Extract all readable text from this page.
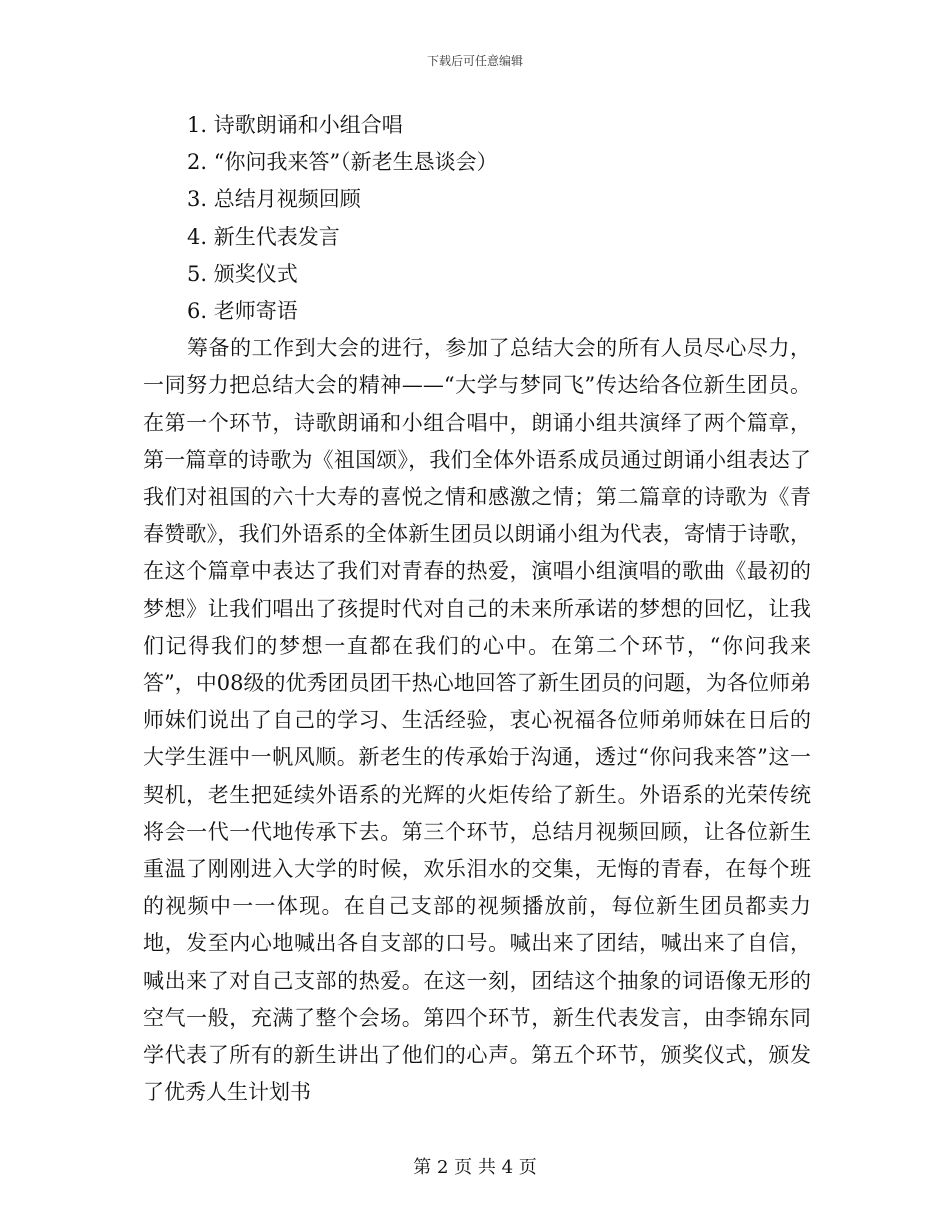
下载后可任意编辑
1. 诗歌朗诵和小组合唱
2. “你问我来答”（新老生恳谈会）
3. 总结月视频回顾
4. 新生代表发言
5. 颁奖仪式
6. 老师寄语

筹备的工作到大会的进行，参加了总结大会的所有人员尽心尽力，一同努力把总结大会的精神——“大学与梦同飞”传达给各位新生团员。在第一个环节，诗歌朗诵和小组合唱中，朗诵小组共演绎了两个篇章，第一篇章的诗歌为《祖国颂》，我们全体外语系成员通过朗诵小组表达了我们对祖国的六十大寿的喜悦之情和感激之情；第二篇章的诗歌为《青春赞歌》，我们外语系的全体新生团员以朗诵小组为代表，寄情于诗歌，在这个篇章中表达了我们对青春的热爱，演唱小组演唱的歌曲《最初的梦想》让我们唱出了孩提时代对自己的未来所承诺的梦想的回忆，让我们记得我们的梦想一直都在我们的心中。在第二个环节，“你问我来答”，中08级的优秀团员团干热心地回答了新生团员的问题，为各位师弟师妹们说出了自己的学习、生活经验，衷心祝福各位师弟师妹在日后的大学生涯中一帆风顺。新老生的传承始于沟通，透过“你问我来答”这一契机，老生把延续外语系的光辉的火炬传给了新生。外语系的光荣传统将会一代一代地传承下去。第三个环节，总结月视频回顾，让各位新生重温了刚刚进入大学的时候，欢乐泪水的交集，无悔的青春，在每个班的视频中一一体现。在自己支部的视频播放前，每位新生团员都卖力地，发至内心地喊出各自支部的口号。喊出来了团结，喊出来了自信，喊出来了对自己支部的热爱。在这一刻，团结这个抽象的词语像无形的空气一般，充满了整个会场。第四个环节，新生代表发言，由李锦东同学代表了所有的新生讲出了他们的心声。第五个环节，颁奖仪式，颁发了优秀人生计划书

第 2 页 共 4 页
